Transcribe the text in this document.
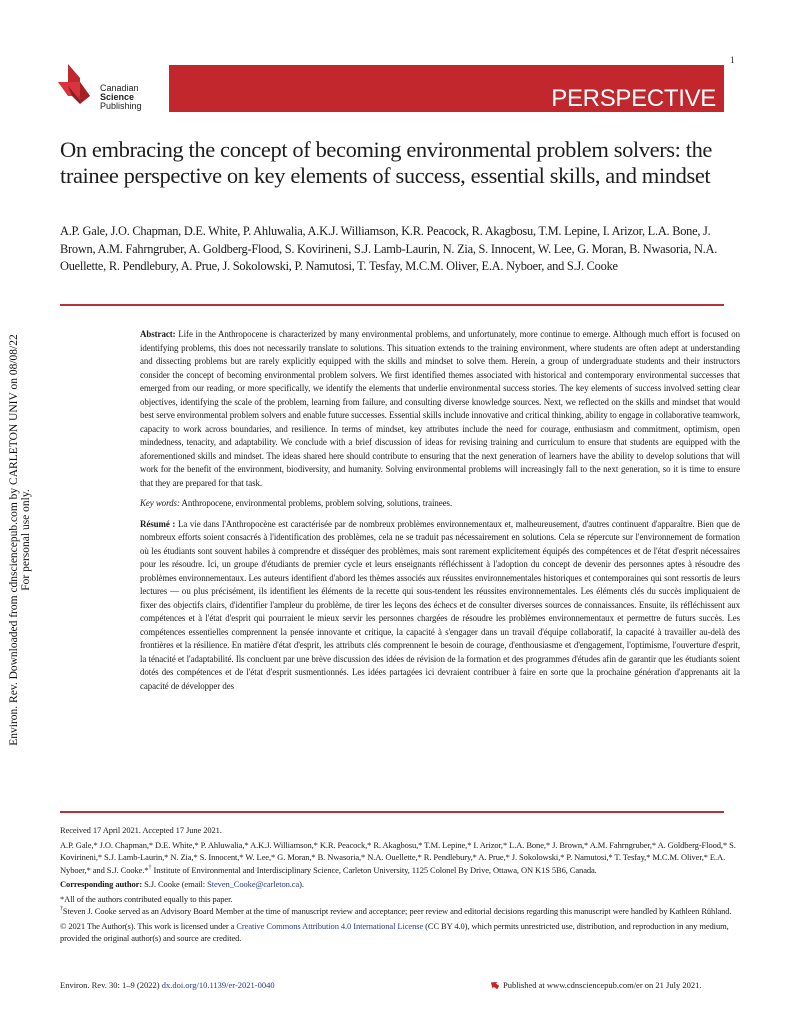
1
Canadian
Science
Publishing	PERSPECTIVE
Environ. Rev. Downloaded from cdnsciencepub.com by CARLETON UNIV on 08/08/22 For personal use only.
On embracing the concept of becoming environmental problem solvers: the trainee perspective on key elements of success, essential skills, and mindset
A.P. Gale, J.O. Chapman, D.E. White, P. Ahluwalia, A.K.J. Williamson, K.R. Peacock, R. Akagbosu, T.M. Lepine, I. Arizor, L.A. Bone, J. Brown, A.M. Fahrngruber, A. Goldberg-Flood, S. Kovirineni, S.J. Lamb-Laurin, N. Zia, S. Innocent, W. Lee, G. Moran, B. Nwasoria, N.A. Ouellette, R. Pendlebury, A. Prue, J. Sokolowski, P. Namutosi, T. Tesfay, M.C.M. Oliver, E.A. Nyboer, and S.J. Cooke

Abstract: Life in the Anthropocene is characterized by many environmental problems, and unfortunately, more continue to emerge. Although much effort is focused on identifying problems, this does not necessarily translate to solutions. This situation extends to the training environment, where students are often adept at understanding and dissecting problems but are rarely explicitly equipped with the skills and mindset to solve them. Herein, a group of undergraduate students and their instructors consider the concept of becoming environmental problem solvers. We first identified themes associated with historical and contemporary environmental successes that emerged from our reading, or more specifically, we identify the elements that underlie environmental success stories. The key elements of success involved setting clear objectives, identifying the scale of the problem, learning from failure, and consulting diverse knowledge sources. Next, we reflected on the skills and mindset that would best serve environmental problem solvers and enable future successes. Essential skills include innovative and critical thinking, ability to engage in collaborative teamwork, capacity to work across boundaries, and resilience. In terms of mindset, key attributes include the need for courage, enthusiasm and commitment, optimism, open mindedness, tenacity, and adaptability. We conclude with a brief discussion of ideas for revising training and curriculum to ensure that students are equipped with the aforementioned skills and mindset. The ideas shared here should contribute to ensuring that the next generation of learners have the ability to develop solutions that will work for the benefit of the environment, biodiversity, and humanity. Solving environmental problems will increasingly fall to the next generation, so it is time to ensure that they are prepared for that task.

Key words: Anthropocene, environmental problems, problem solving, solutions, trainees.

Résumé : La vie dans l'Anthropocène est caractérisée par de nombreux problèmes environnementaux et, malheureusement, d'autres continuent d'apparaître. Bien que de nombreux efforts soient consacrés à l'identification des problèmes, cela ne se traduit pas nécessairement en solutions. Cela se répercute sur l'environnement de formation où les étudiants sont souvent habiles à comprendre et disséquer des problèmes, mais sont rarement explicitement équipés des compétences et de l'état d'esprit nécessaires pour les résoudre. Ici, un groupe d'étudiants de premier cycle et leurs enseignants réfléchissent à l'adoption du concept de devenir des personnes aptes à résoudre des problèmes environnementaux. Les auteurs identifient d'abord les thèmes associés aux réussites environnementales historiques et contemporaines qui sont ressortis de leurs lectures — ou plus précisément, ils identifient les éléments de la recette qui sous-tendent les réussites environnementales. Les éléments clés du succès impliquaient de fixer des objectifs clairs, d'identifier l'ampleur du problème, de tirer les leçons des échecs et de consulter diverses sources de connaissances. Ensuite, ils réfléchissent aux compétences et à l'état d'esprit qui pourraient le mieux servir les personnes chargées de résoudre les problèmes environnementaux et permettre de futurs succès. Les compétences essentielles comprennent la pensée innovante et critique, la capacité à s'engager dans un travail d'équipe collaboratif, la capacité à travailler au-delà des frontières et la résilience. En matière d'état d'esprit, les attributs clés comprennent le besoin de courage, d'enthousiasme et d'engagement, l'optimisme, l'ouverture d'esprit, la ténacité et l'adaptabilité. Ils concluent par une brève discussion des idées de révision de la formation et des programmes d'études afin de garantir que les étudiants soient dotés des compétences et de l'état d'esprit susmentionnés. Les idées partagées ici devraient contribuer à faire en sorte que la prochaine génération d'apprenants ait la capacité de développer des

Received 17 April 2021. Accepted 17 June 2021.

A.P. Gale,* J.O. Chapman,* D.E. White,* P. Ahluwalia,* A.K.J. Williamson,* K.R. Peacock,* R. Akagbosu,* T.M. Lepine,* I. Arizor,* L.A. Bone,* J. Brown,* A.M. Fahrngruber,* A. Goldberg-Flood,* S. Kovirineni,* S.J. Lamb-Laurin,* N. Zia,* S. Innocent,* W. Lee,* G. Moran,* B. Nwasoria,* N.A. Ouellette,* R. Pendlebury,* A. Prue,* J. Sokolowski,* P. Namutosi,* T. Tesfay,* M.C.M. Oliver,* E.A. Nyboer,* and S.J. Cooke.*† Institute of Environmental and Interdisciplinary Science, Carleton University, 1125 Colonel By Drive, Ottawa, ON K1S 5B6, Canada.

Corresponding author: S.J. Cooke (email: Steven_Cooke@carleton.ca).

*All of the authors contributed equally to this paper.

†Steven J. Cooke served as an Advisory Board Member at the time of manuscript review and acceptance; peer review and editorial decisions regarding this manuscript were handled by Kathleen Rühland.

© 2021 The Author(s). This work is licensed under a Creative Commons Attribution 4.0 International License (CC BY 4.0), which permits unrestricted use, distribution, and reproduction in any medium, provided the original author(s) and source are credited.

Environ. Rev. 30: 1–9 (2022) dx.doi.org/10.1139/er-2021-0040	Published at www.cdnsciencepub.com/er on 21 July 2021.
